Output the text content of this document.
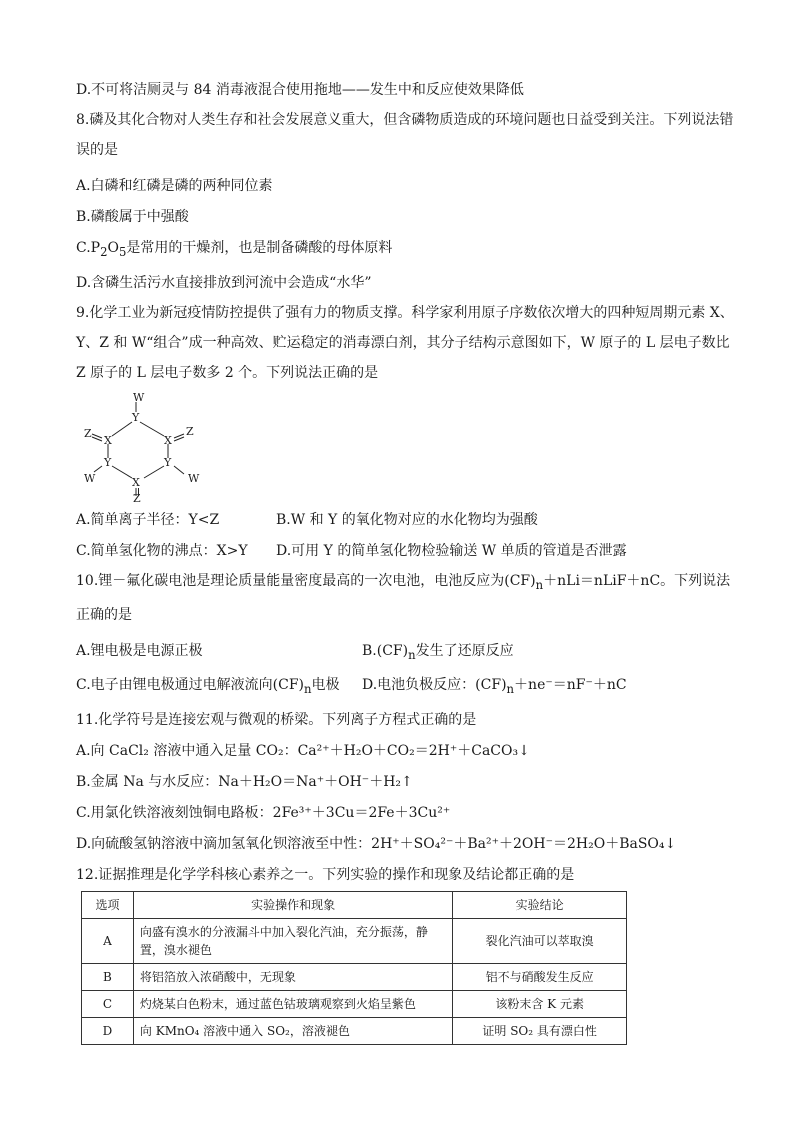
D.不可将洁厕灵与 84 消毒液混合使用拖地——发生中和反应使效果降低

8.磷及其化合物对人类生存和社会发展意义重大，但含磷物质造成的环境问题也日益受到关注。下列说法错误的是

A.白磷和红磷是磷的两种同位素

B.磷酸属于中强酸

$C.P_2O_5$是常用的干燥剂，也是制备磷酸的母体原料

D.含磷生活污水直接排放到河流中会造成“水华”

9.化学工业为新冠疫情防控提供了强有力的物质支撑。科学家利用原子序数依次增大的四种短周期元素 X、Y、Z 和 W“组合”成一种高效、贮运稳定的消毒漂白剂，其分子结构示意图如下，W 原子的 L 层电子数比 Z 原子的 L 层电子数多 2 个。下列说法正确的是

W
Y
Z
X	X
Z
Y	Y
W	W
X
Z

A.简单离子半径：Y<Z	B.W 和 Y 的氧化物对应的水化物均为强酸

C.简单氢化物的沸点：X>Y	D.可用 Y 的简单氢化物检验输送 W 单质的管道是否泄露

10.锂－氟化碳电池是理论质量能量密度最高的一次电池，电池反应为$(CF)_n+nLi=nLiF+nC$。下列说法正确的是

A.锂电极是电源正极	$B.(CF)_n$发生了还原反应

C.电子由锂电极通过电解液流向$(CF)_n$电极	D.电池负极反应：$(CF)_n+ne^-=nF^-+nC$

11.化学符号是连接宏观与微观的桥梁。下列离子方程式正确的是

A.向 CaCl₂ 溶液中通入足量 CO₂：Ca²⁺＋H₂O＋CO₂＝2H⁺＋CaCO₃↓

B.金属 Na 与水反应：Na＋H₂O＝Na⁺＋OH⁻＋H₂↑

C.用氯化铁溶液刻蚀铜电路板：2Fe³⁺＋3Cu＝2Fe＋3Cu²⁺

D.向硫酸氢钠溶液中滴加氢氧化钡溶液至中性：2H⁺＋SO₄²⁻＋Ba²⁺＋2OH⁻＝2H₂O＋BaSO₄↓

12.证据推理是化学学科核心素养之一。下列实验的操作和现象及结论都正确的是

选项	实验操作和现象	实验结论
A	向盛有溴水的分液漏斗中加入裂化汽油，充分振荡，静置，溴水褪色	裂化汽油可以萃取溴
B	将铝箔放入浓硝酸中，无现象	铝不与硝酸发生反应
C	灼烧某白色粉末，通过蓝色钴玻璃观察到火焰呈紫色	该粉末含 K 元素
D	向 KMnO₄ 溶液中通入 SO₂，溶液褪色	证明 SO₂ 具有漂白性
